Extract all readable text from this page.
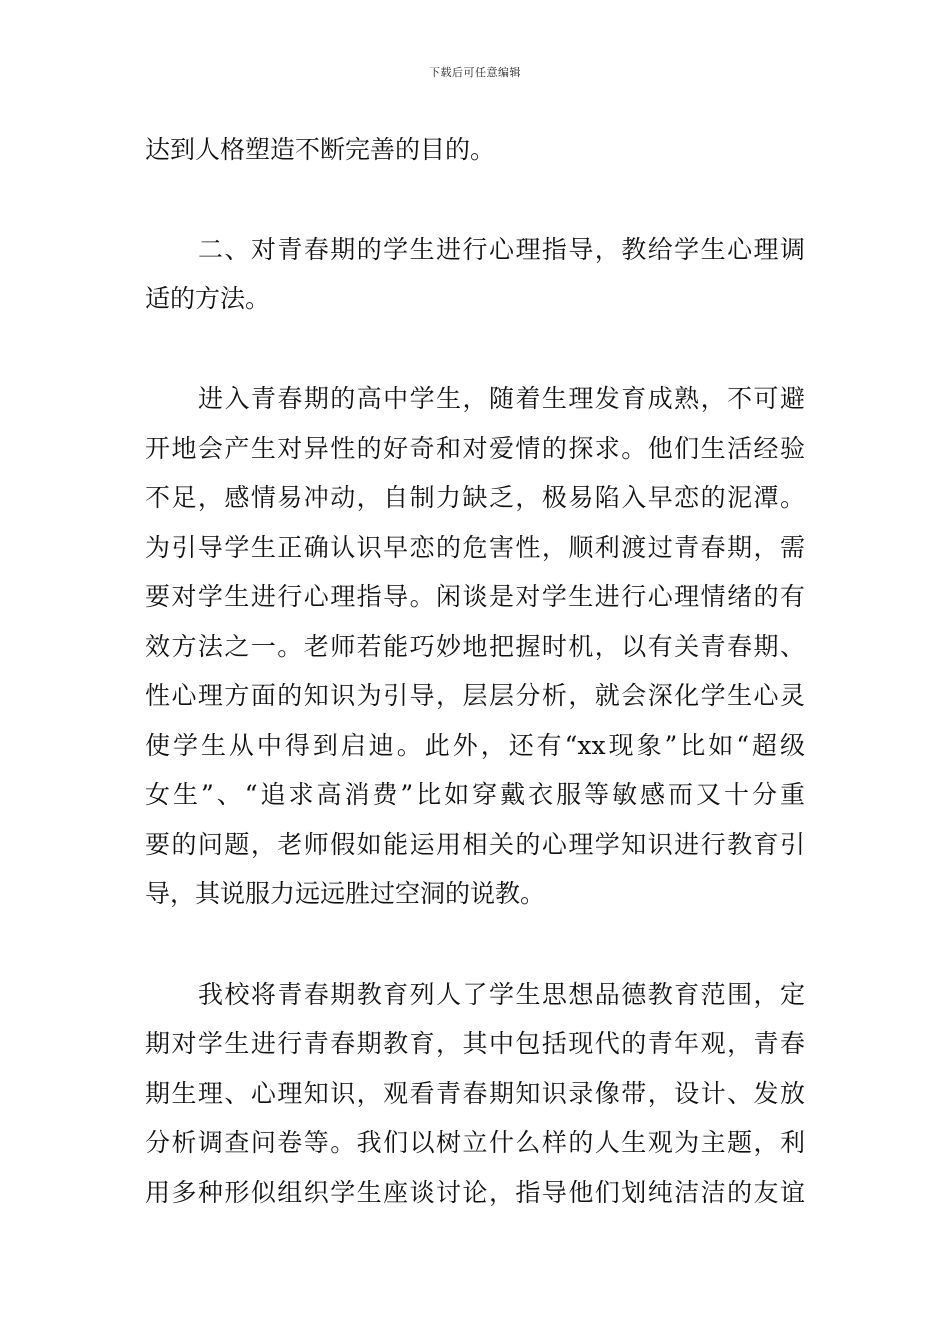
下载后可任意编辑
达到人格塑造不断完善的目的。
二、对青春期的学生进行心理指导，教给学生心理调
适的方法。
进入青春期的高中学生，随着生理发育成熟，不可避
开地会产生对异性的好奇和对爱情的探求。他们生活经验
不足，感情易冲动，自制力缺乏，极易陷入早恋的泥潭。
为引导学生正确认识早恋的危害性，顺利渡过青春期，需
要对学生进行心理指导。闲谈是对学生进行心理情绪的有
效方法之一。老师若能巧妙地把握时机，以有关青春期、
性心理方面的知识为引导，层层分析，就会深化学生心灵
使学生从中得到启迪。此外，还有“xx现象”比如“超级
女生”、“追求高消费”比如穿戴衣服等敏感而又十分重
要的问题，老师假如能运用相关的心理学知识进行教育引
导，其说服力远远胜过空洞的说教。
我校将青春期教育列人了学生思想品德教育范围，定
期对学生进行青春期教育，其中包括现代的青年观，青春
期生理、心理知识，观看青春期知识录像带，设计、发放
分析调查问卷等。我们以树立什么样的人生观为主题，利
用多种形似组织学生座谈讨论，指导他们划纯洁洁的友谊
